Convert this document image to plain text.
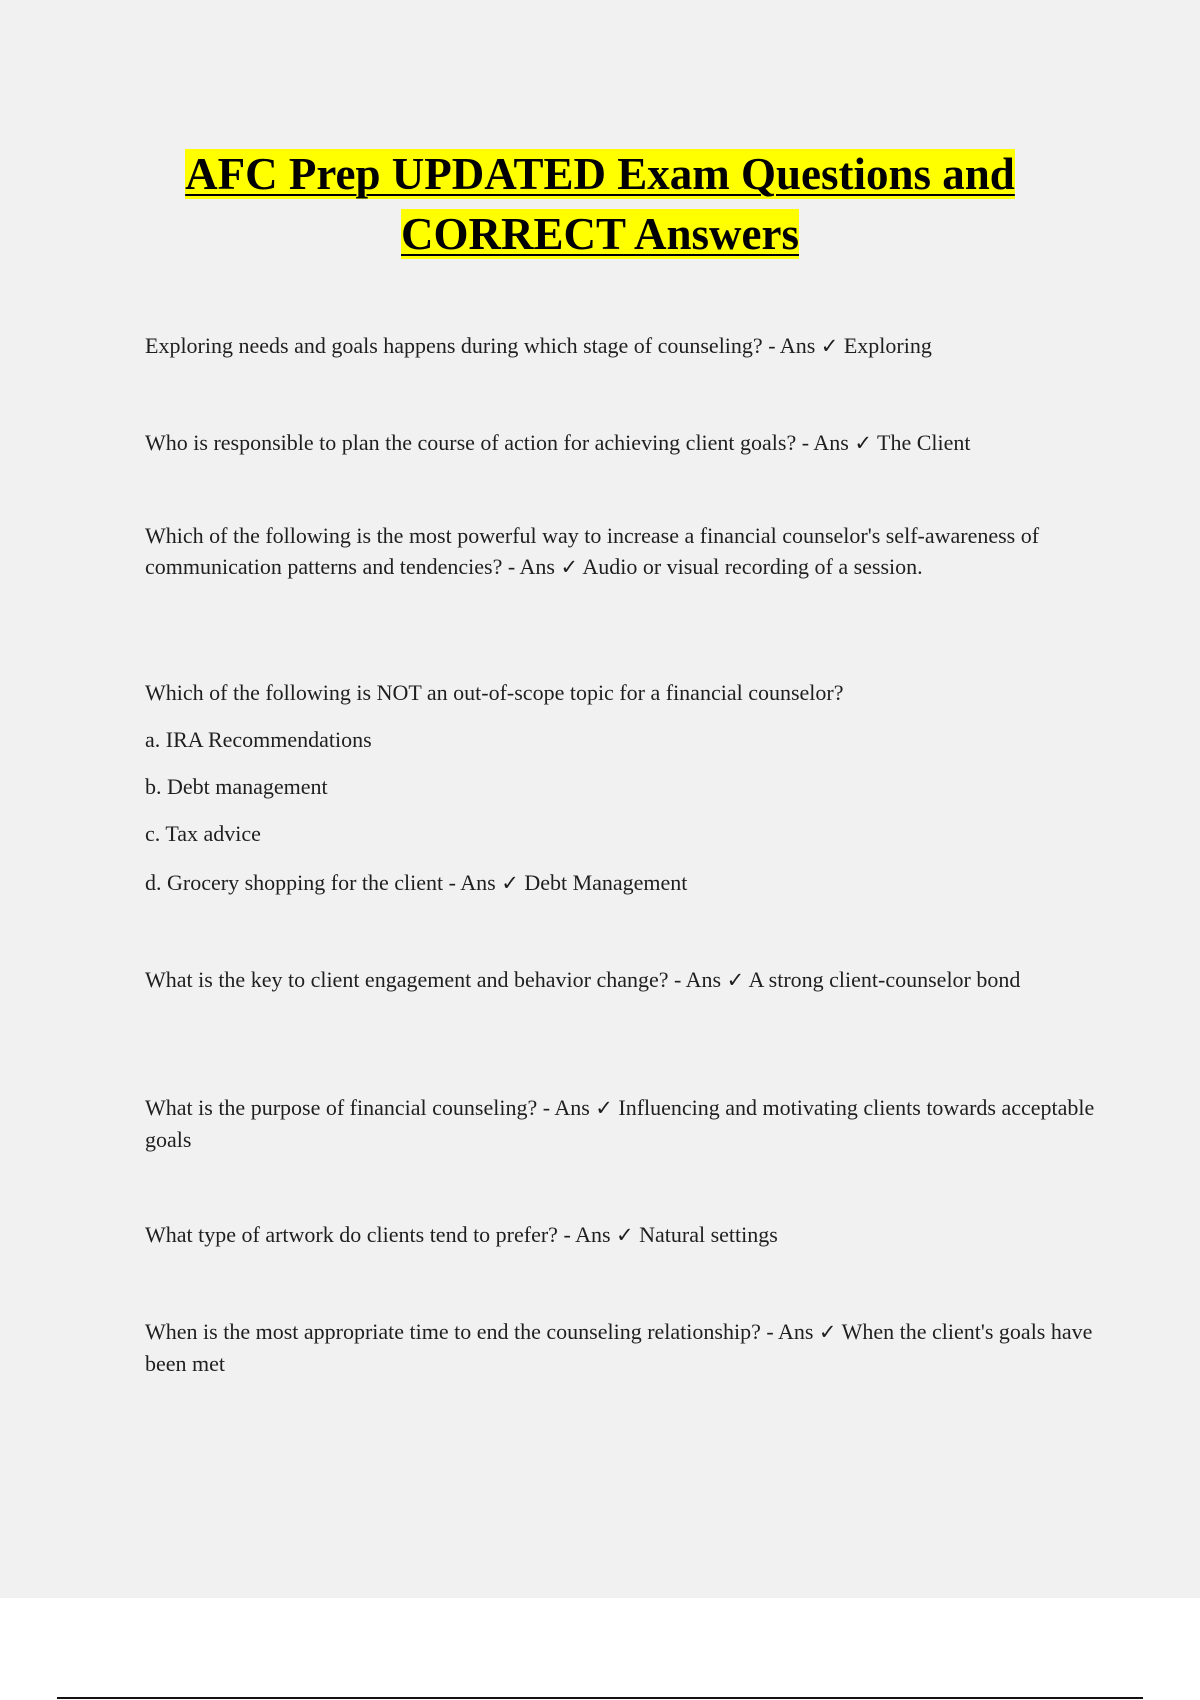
AFC Prep UPDATED Exam Questions and
CORRECT Answers

Exploring needs and goals happens during which stage of counseling? - Ans ✓ Exploring

Who is responsible to plan the course of action for achieving client goals? - Ans ✓ The Client

Which of the following is the most powerful way to increase a financial counselor's self-awareness of communication patterns and tendencies? - Ans ✓ Audio or visual recording of a session.

Which of the following is NOT an out-of-scope topic for a financial counselor?

a. IRA Recommendations

b. Debt management

c. Tax advice

d. Grocery shopping for the client - Ans ✓ Debt Management

What is the key to client engagement and behavior change? - Ans ✓ A strong client-counselor bond

What is the purpose of financial counseling? - Ans ✓ Influencing and motivating clients towards acceptable goals

What type of artwork do clients tend to prefer? - Ans ✓ Natural settings

When is the most appropriate time to end the counseling relationship? - Ans ✓ When the client's goals have been met
